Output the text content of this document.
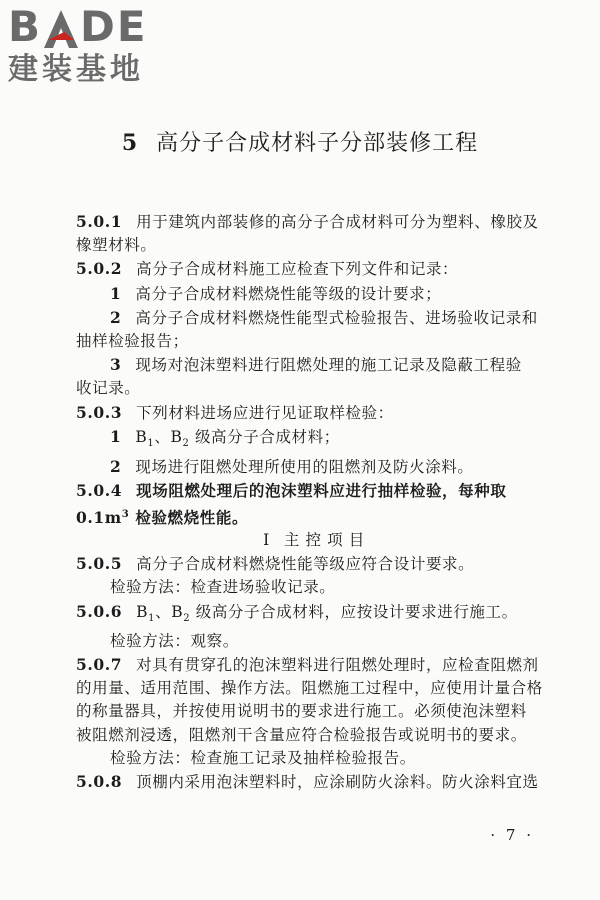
B DE
建装基地
5 高分子合成材料子分部装修工程
5.0.1 用于建筑内部装修的高分子合成材料可分为塑料、橡胶及
橡塑材料。
5.0.2 高分子合成材料施工应检查下列文件和记录：
1 高分子合成材料燃烧性能等级的设计要求；
2 高分子合成材料燃烧性能型式检验报告、进场验收记录和
抽样检验报告；
3 现场对泡沫塑料进行阻燃处理的施工记录及隐蔽工程验
收记录。
5.0.3 下列材料进场应进行见证取样检验：
1 $B_1$、$B_2$ 级高分子合成材料；
2 现场进行阻燃处理所使用的阻燃剂及防火涂料。
5.0.4 现场阻燃处理后的泡沫塑料应进行抽样检验，每种取
$0.1m^3$ 检验燃烧性能。
Ⅰ 主 控 项 目
5.0.5 高分子合成材料燃烧性能等级应符合设计要求。
检验方法：检查进场验收记录。
5.0.6 $B_1$、$B_2$ 级高分子合成材料，应按设计要求进行施工。
检验方法：观察。
5.0.7 对具有贯穿孔的泡沫塑料进行阻燃处理时，应检查阻燃剂
的用量、适用范围、操作方法。阻燃施工过程中，应使用计量合格
的称量器具，并按使用说明书的要求进行施工。必须使泡沫塑料
被阻燃剂浸透，阻燃剂干含量应符合检验报告或说明书的要求。
检验方法：检查施工记录及抽样检验报告。
5.0.8 顶棚内采用泡沫塑料时，应涂刷防火涂料。防火涂料宜选
· 7 ·
